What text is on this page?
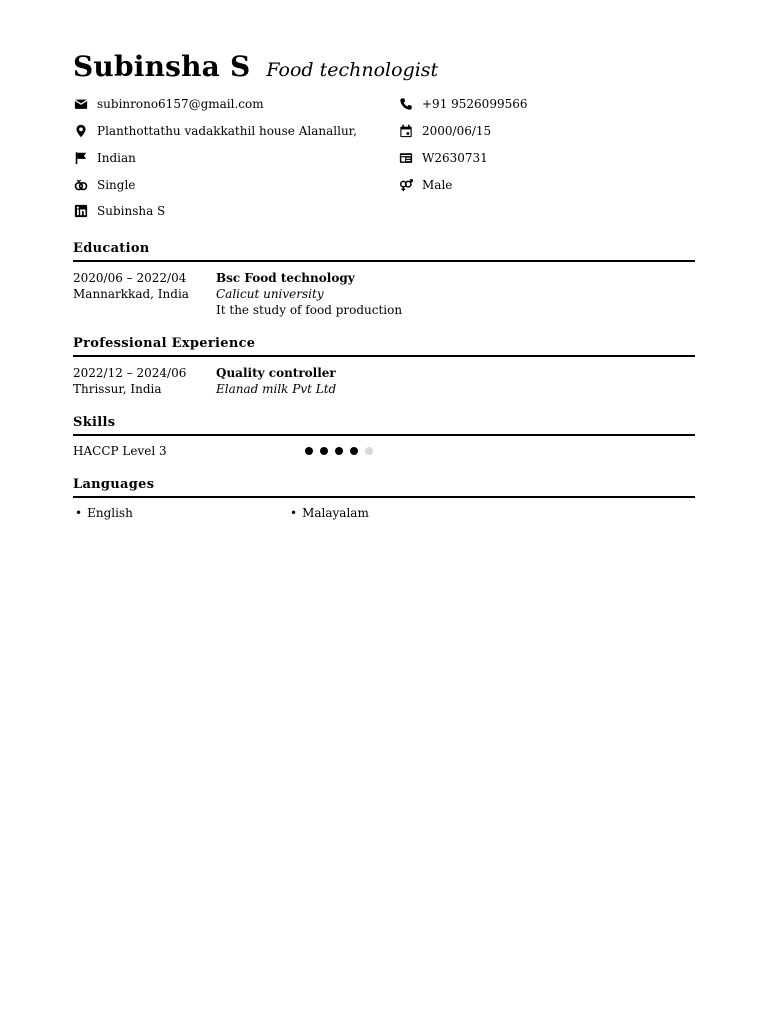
Subinsha S Food technologist
subinrono6157@gmail.com
Planthottathu vadakkathil house Alanallur,
Indian
Single
Subinsha S
+91 9526099566
2000/06/15
W2630731
Male
Education
2020/06 – 2022/04
Mannarkkad, India
Bsc Food technology
Calicut university
It the study of food production
Professional Experience
2022/12 – 2024/06
Thrissur, India
Quality controller
Elanad milk Pvt Ltd
Skills
HACCP Level 3
Languages
• English	• Malayalam
